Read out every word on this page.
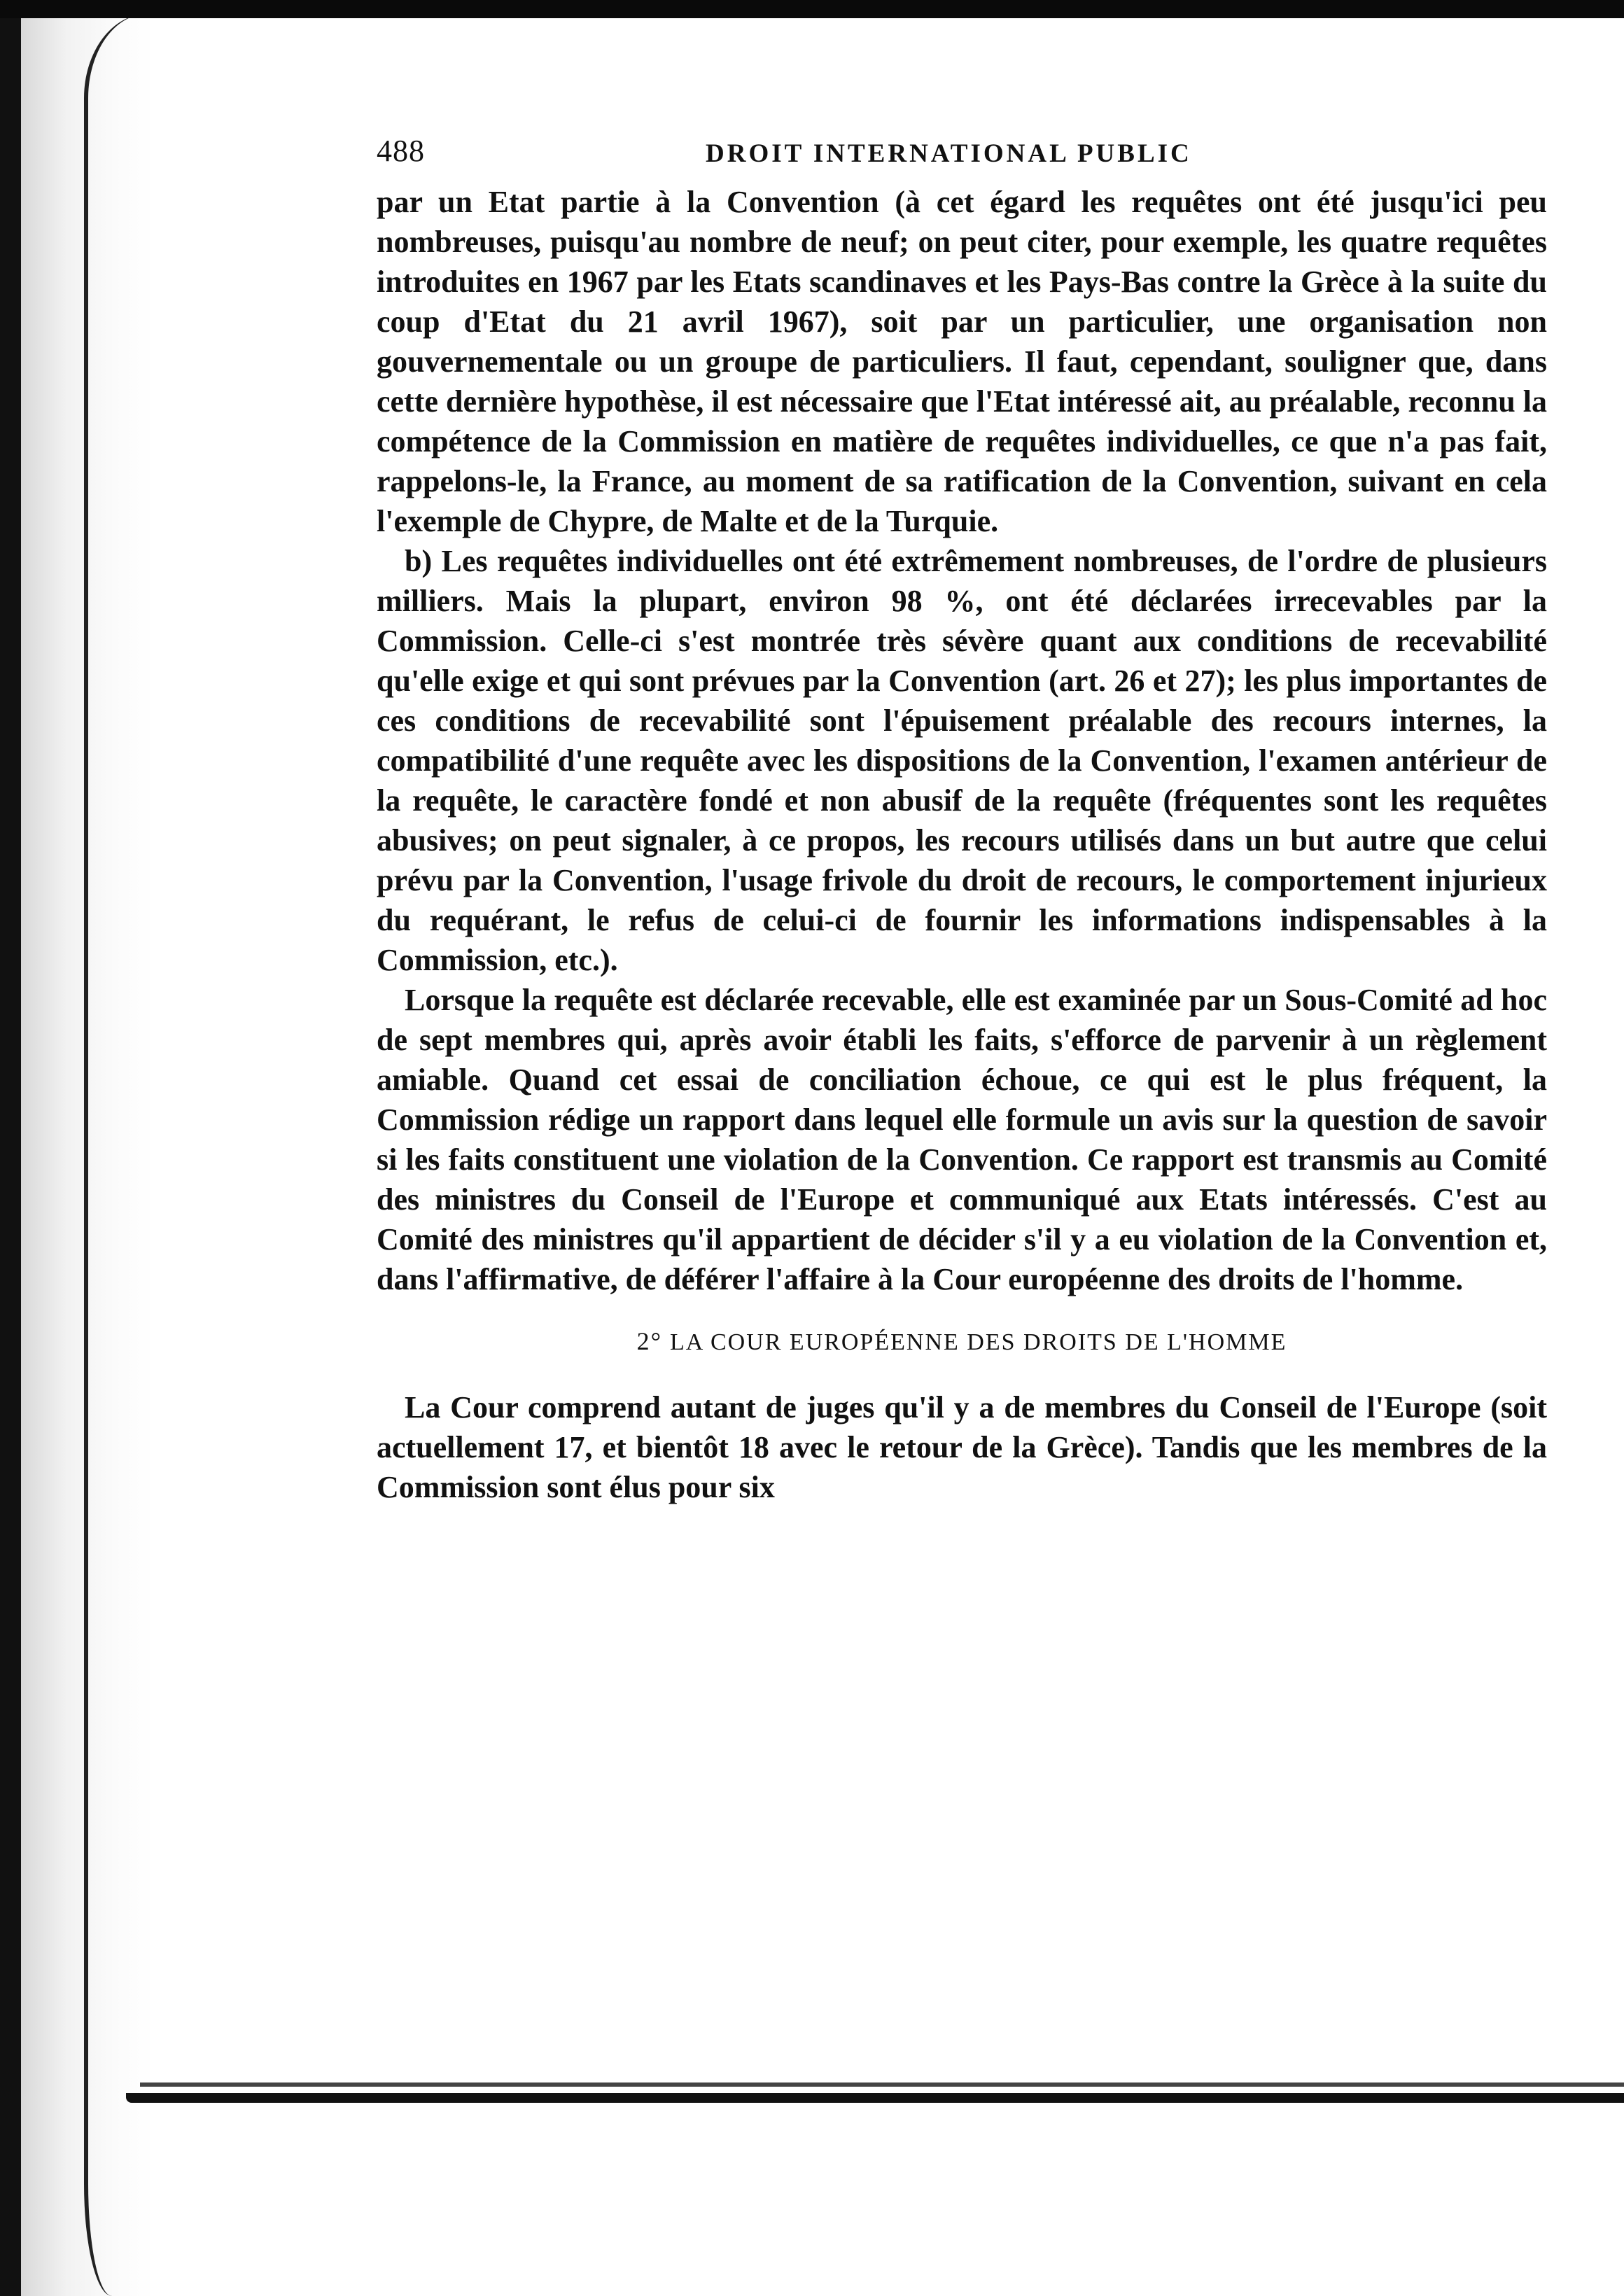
488	DROIT INTERNATIONAL PUBLIC

par un Etat partie à la Convention (à cet égard les requêtes ont été jusqu'ici peu nombreuses, puisqu'au nombre de neuf; on peut citer, pour exemple, les quatre requêtes introduites en 1967 par les Etats scandinaves et les Pays-Bas contre la Grèce à la suite du coup d'Etat du 21 avril 1967), soit par un particulier, une organisation non gouvernementale ou un groupe de particuliers. Il faut, cependant, souligner que, dans cette dernière hypothèse, il est nécessaire que l'Etat intéressé ait, au préalable, reconnu la compétence de la Commission en matière de requêtes individuelles, ce que n'a pas fait, rappelons-le, la France, au moment de sa ratification de la Convention, suivant en cela l'exemple de Chypre, de Malte et de la Turquie.

b) Les requêtes individuelles ont été extrêmement nombreuses, de l'ordre de plusieurs milliers. Mais la plupart, environ 98 %, ont été déclarées irrecevables par la Commission. Celle-ci s'est montrée très sévère quant aux conditions de recevabilité qu'elle exige et qui sont prévues par la Convention (art. 26 et 27); les plus importantes de ces conditions de recevabilité sont l'épuisement préalable des recours internes, la compatibilité d'une requête avec les dispositions de la Convention, l'examen antérieur de la requête, le caractère fondé et non abusif de la requête (fréquentes sont les requêtes abusives; on peut signaler, à ce propos, les recours utilisés dans un but autre que celui prévu par la Convention, l'usage frivole du droit de recours, le comportement injurieux du requérant, le refus de celui-ci de fournir les informations indispensables à la Commission, etc.).

Lorsque la requête est déclarée recevable, elle est examinée par un Sous-Comité ad hoc de sept membres qui, après avoir établi les faits, s'efforce de parvenir à un règlement amiable. Quand cet essai de conciliation échoue, ce qui est le plus fréquent, la Commission rédige un rapport dans lequel elle formule un avis sur la question de savoir si les faits constituent une violation de la Convention. Ce rapport est transmis au Comité des ministres du Conseil de l'Europe et communiqué aux Etats intéressés. C'est au Comité des ministres qu'il appartient de décider s'il y a eu violation de la Convention et, dans l'affirmative, de déférer l'affaire à la Cour européenne des droits de l'homme.

2° LA COUR EUROPÉENNE DES DROITS DE L'HOMME

La Cour comprend autant de juges qu'il y a de membres du Conseil de l'Europe (soit actuellement 17, et bientôt 18 avec le retour de la Grèce). Tandis que les membres de la Commission sont élus pour six
